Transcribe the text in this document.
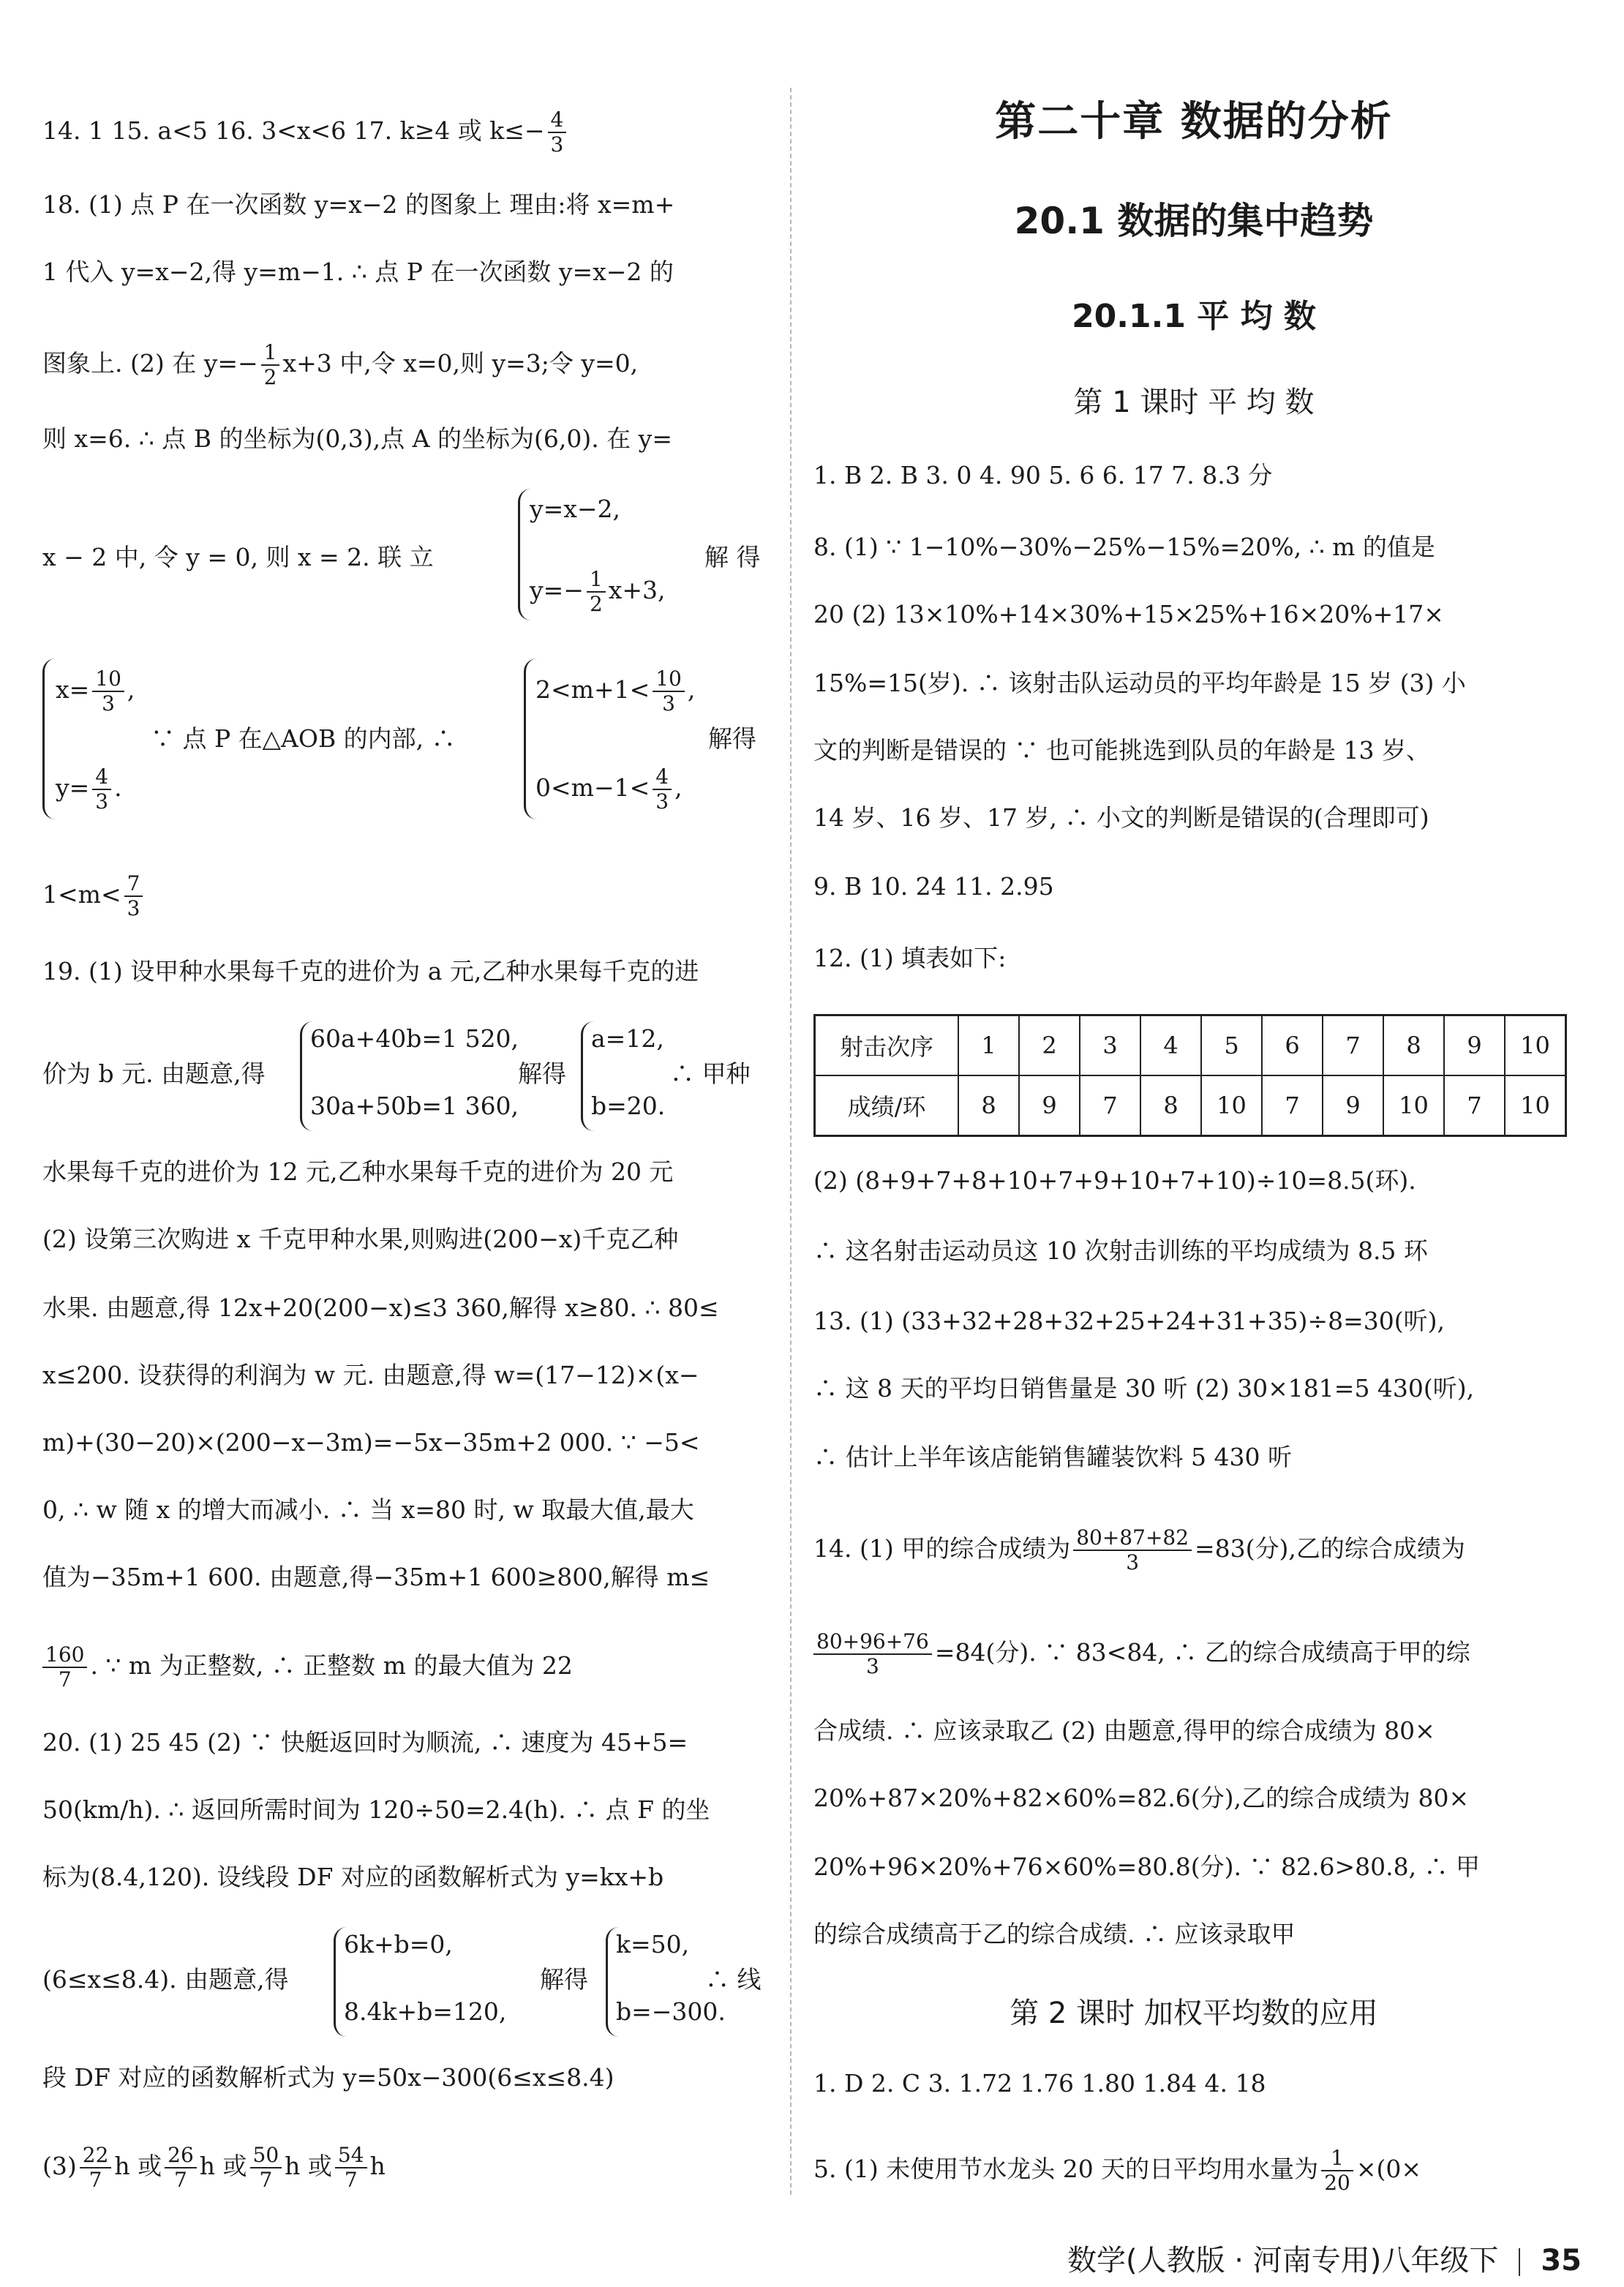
14. 1 15. a<5 16. 3<x<6 17. k≥4 或 $k\le- \frac{4}{3}$
18. (1) 点 P 在一次函数 y=x−2 的图象上 理由:将 x=m+
1 代入 y=x−2,得 y=m−1. ∴ 点 P 在一次函数 y=x−2 的
图象上. (2) 在 $y=- \frac{1}{2} x+3$ 中,令 x=0,则 y=3;令 y=0,
则 x=6. ∴ 点 B 的坐标为(0,3),点 A 的坐标为(6,0). 在 y=
x − 2 中, 令 y = 0, 则 x = 2. 联 立
y=x−2,
$y=- \frac{1}{2} x+3$,
解 得
$x= \frac{10}{3}$ ,
$y= \frac{4}{3}$ .
∵ 点 P 在△AOB 的内部, ∴
$2<m+1< \frac{10}{3}$ ,
$0<m-1< \frac{4}{3}$ ,
解得
$1<m< \frac{7}{3}$
19. (1) 设甲种水果每千克的进价为 a 元,乙种水果每千克的进
价为 b 元. 由题意,得
60a+40b=1 520,
30a+50b=1 360,
解得
a=12,
b=20.
∴ 甲种
水果每千克的进价为 12 元,乙种水果每千克的进价为 20 元
(2) 设第三次购进 x 千克甲种水果,则购进(200−x)千克乙种
水果. 由题意,得 12x+20(200−x)≤3 360,解得 x≥80. ∴ 80≤
x≤200. 设获得的利润为 w 元. 由题意,得 w=(17−12)×(x−
m)+(30−20)×(200−x−3m)=−5x−35m+2 000. ∵ −5<
0, ∴ w 随 x 的增大而减小. ∴ 当 x=80 时, w 取最大值,最大
值为−35m+1 600. 由题意,得−35m+1 600≥800,解得 m≤
$\frac{160}{7}$ . ∵ m 为正整数, ∴ 正整数 m 的最大值为 22
20. (1) 25 45 (2) ∵ 快艇返回时为顺流, ∴ 速度为 45+5=
50(km/h). ∴ 返回所需时间为 120÷50=2.4(h). ∴ 点 F 的坐
标为(8.4,120). 设线段 DF 对应的函数解析式为 y=kx+b
(6≤x≤8.4). 由题意,得
6k+b=0,
8.4k+b=120,
解得
k=50,
b=−300.
∴ 线
段 DF 对应的函数解析式为 y=50x−300(6≤x≤8.4)
$(3) \frac{22}{7}$ h 或 $\frac{26}{7}$ h 或 $\frac{50}{7}$ h 或 $\frac{54}{7}$ h
第二十章 数据的分析
20.1 数据的集中趋势
20.1.1 平 均 数
第 1 课时 平 均 数
1. B 2. B 3. 0 4. 90 5. 6 6. 17 7. 8.3 分
8. (1) ∵ 1−10%−30%−25%−15%=20%, ∴ m 的值是
20 (2) 13×10%+14×30%+15×25%+16×20%+17×
15%=15(岁). ∴ 该射击队运动员的平均年龄是 15 岁 (3) 小
文的判断是错误的 ∵ 也可能挑选到队员的年龄是 13 岁、
14 岁、16 岁、17 岁, ∴ 小文的判断是错误的(合理即可)
9. B 10. 24 11. 2.95
12. (1) 填表如下:
射击次序	1	2	3	4	5	6	7	8	9	10
成绩/环	8	9	7	8	10	7	9	10	7	10
(2) (8+9+7+8+10+7+9+10+7+10)÷10=8.5(环).
∴ 这名射击运动员这 10 次射击训练的平均成绩为 8.5 环
13. (1) (33+32+28+32+25+24+31+35)÷8=30(听),
∴ 这 8 天的平均日销售量是 30 听 (2) 30×181=5 430(听),
∴ 估计上半年该店能销售罐装饮料 5 430 听
14. (1) 甲的综合成绩为 $\frac{80+87+82}{3} =83$(分),乙的综合成绩为
$\frac{80+96+76}{3} =84$(分). ∵ 83<84, ∴ 乙的综合成绩高于甲的综
合成绩. ∴ 应该录取乙 (2) 由题意,得甲的综合成绩为 80×
20%+87×20%+82×60%=82.6(分),乙的综合成绩为 80×
20%+96×20%+76×60%=80.8(分). ∵ 82.6>80.8, ∴ 甲
的综合成绩高于乙的综合成绩. ∴ 应该录取甲
第 2 课时 加权平均数的应用
1. D 2. C 3. 1.72 1.76 1.80 1.84 4. 18
5. (1) 未使用节水龙头 20 天的日平均用水量为 $\frac{1}{20} \times(0\times$
数学(人教版 · 河南专用)八年级下 35
